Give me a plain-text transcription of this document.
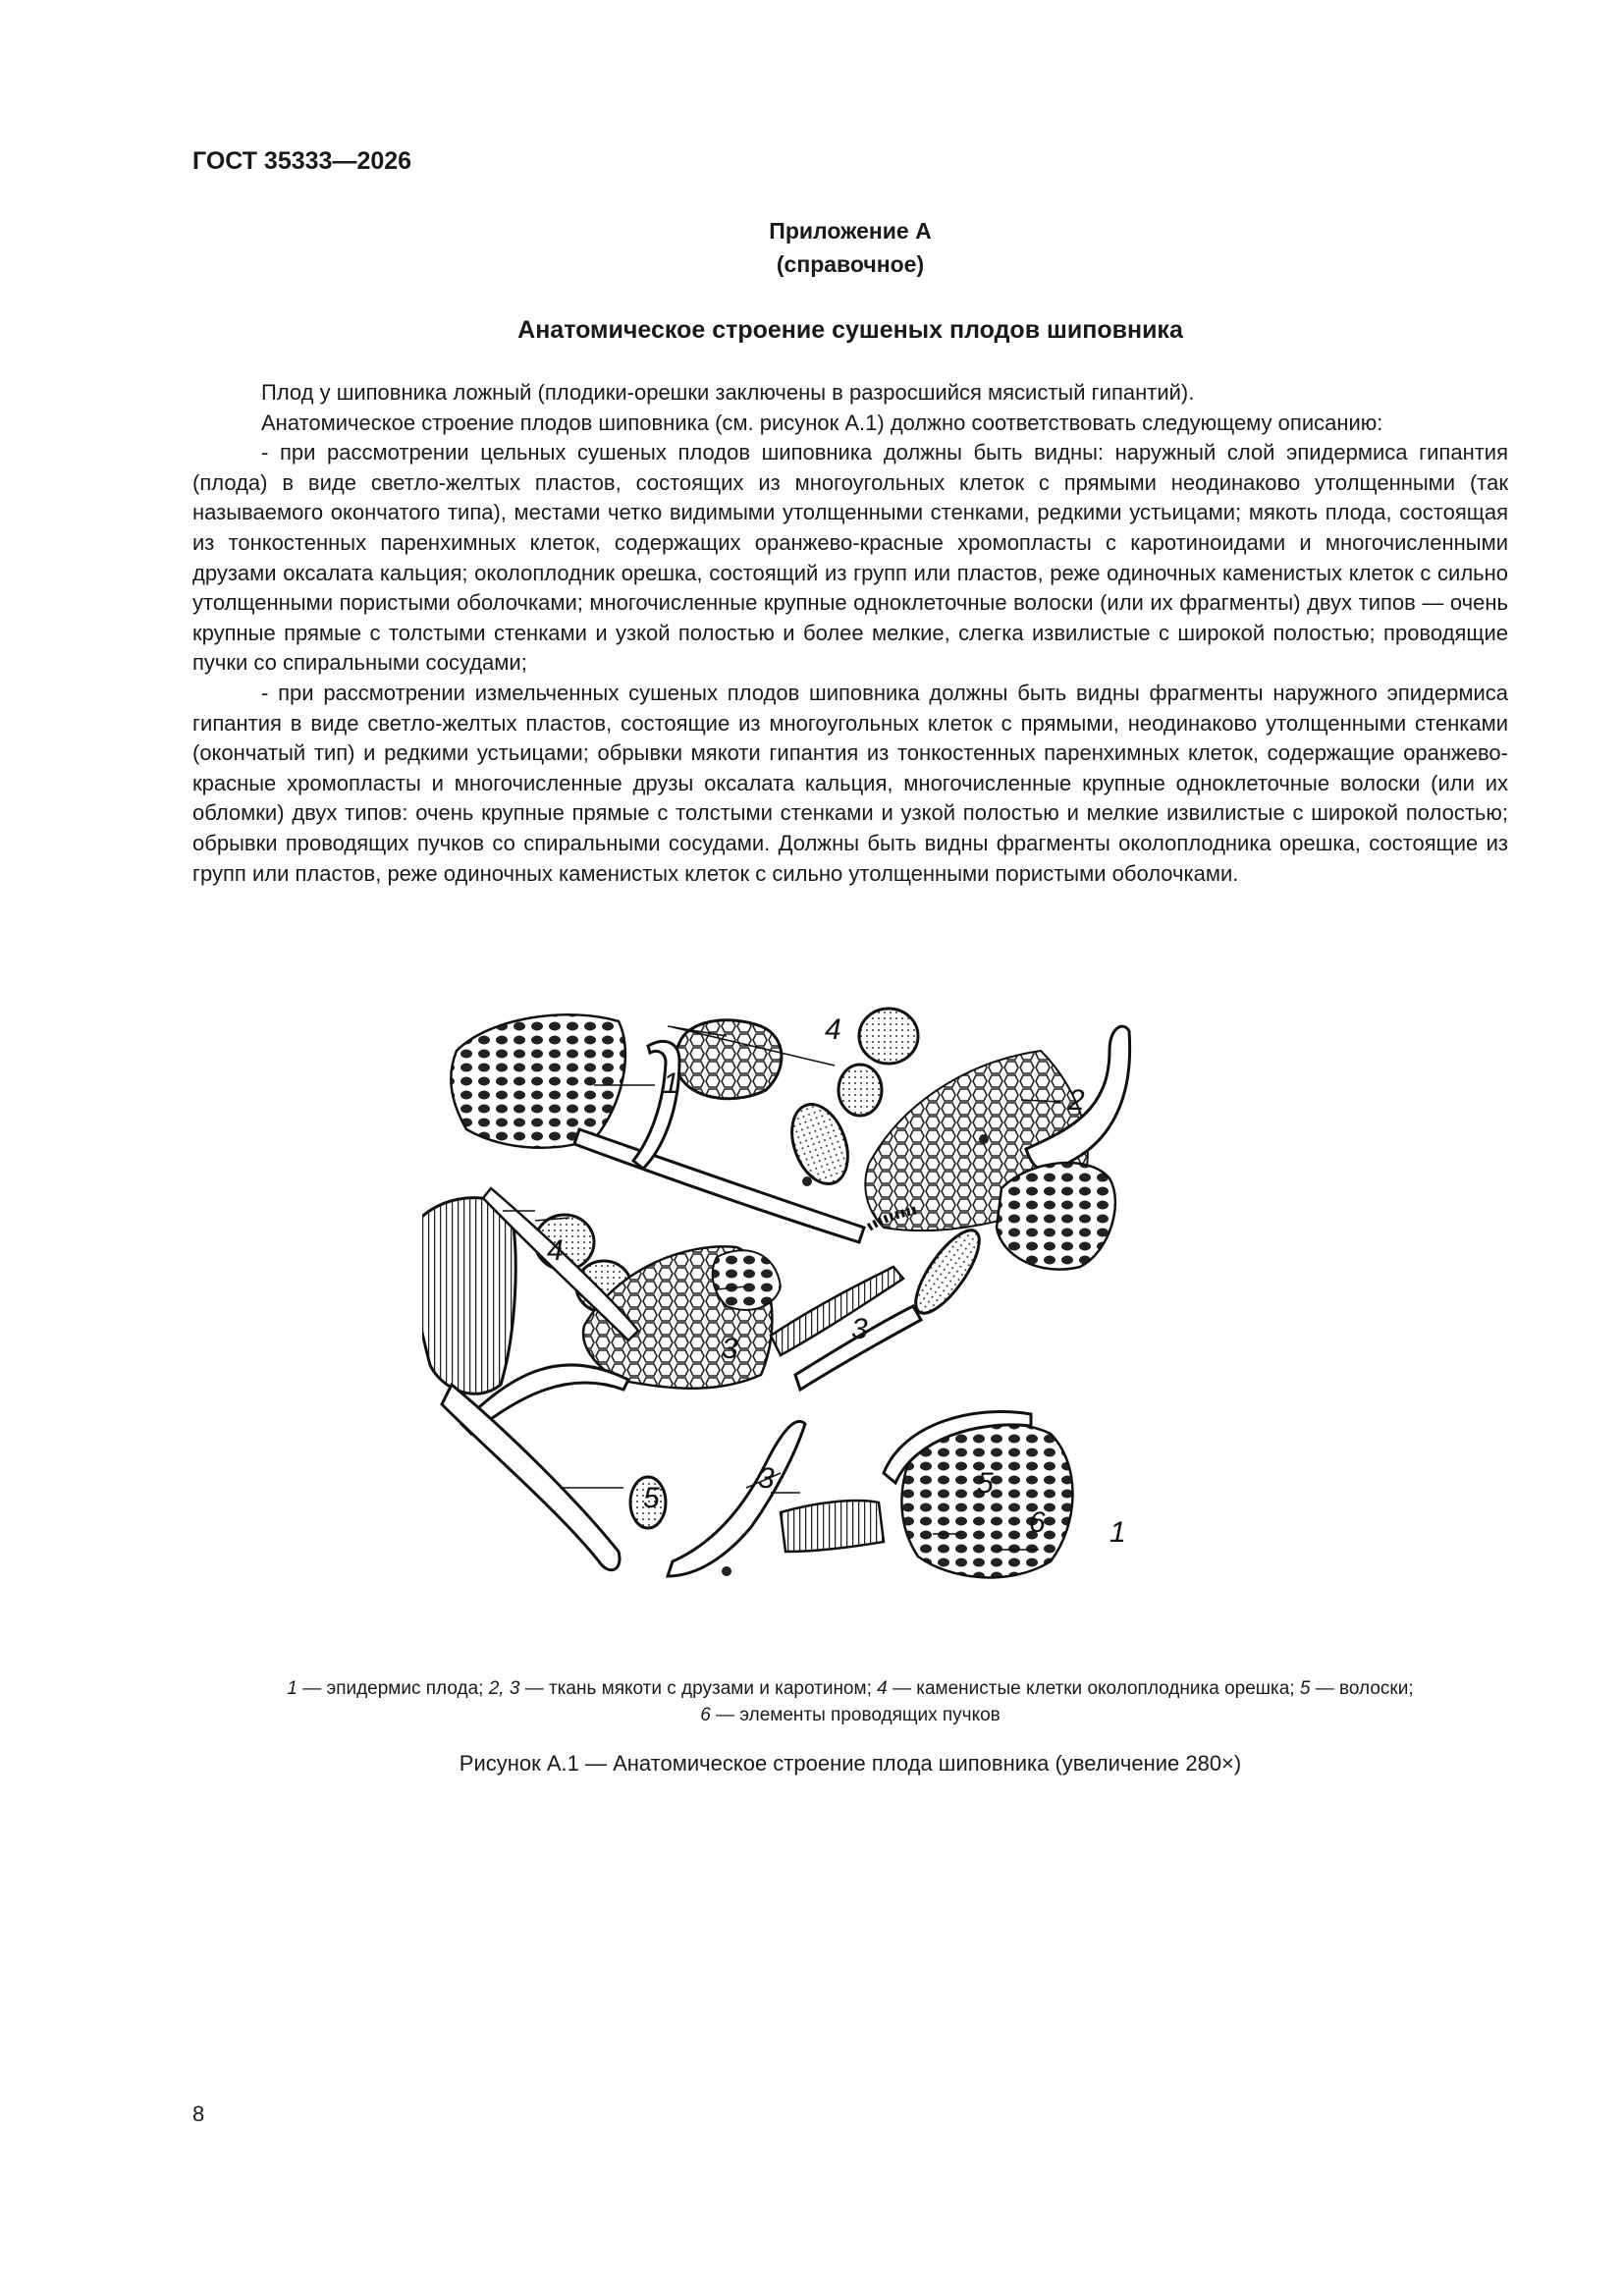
ГОСТ 35333—2026
Приложение А
(справочное)
Анатомическое строение сушеных плодов шиповника

Плод у шиповника ложный (плодики-орешки заключены в разросшийся мясистый гипантий).

Анатомическое строение плодов шиповника (см. рисунок А.1) должно соответствовать следующему описанию:

- при рассмотрении цельных сушеных плодов шиповника должны быть видны: наружный слой эпидермиса гипантия (плода) в виде светло-желтых пластов, состоящих из многоугольных клеток с прямыми неодинаково утолщенными (так называемого окончатого типа), местами четко видимыми утолщенными стенками, редкими устьицами; мякоть плода, состоящая из тонкостенных паренхимных клеток, содержащих оранжево-красные хромопласты с каротиноидами и многочисленными друзами оксалата кальция; околоплодник орешка, состоящий из групп или пластов, реже одиночных каменистых клеток с сильно утолщенными пористыми оболочками; многочисленные крупные одноклеточные волоски (или их фрагменты) двух типов — очень крупные прямые с толстыми стенками и узкой полостью и более мелкие, слегка извилистые с широкой полостью; проводящие пучки со спиральными сосудами;

- при рассмотрении измельченных сушеных плодов шиповника должны быть видны фрагменты наружного эпидермиса гипантия в виде светло-желтых пластов, состоящие из многоугольных клеток с прямыми, неодинаково утолщенными стенками (окончатый тип) и редкими устьицами; обрывки мякоти гипантия из тонкостенных паренхимных клеток, содержащие оранжево-красные хромопласты и многочисленные друзы оксалата кальция, многочисленные крупные одноклеточные волоски (или их обломки) двух типов: очень крупные прямые с толстыми стенками и узкой полостью и мелкие извилистые с широкой полостью; обрывки проводящих пучков со спиральными сосудами. Должны быть видны фрагменты околоплодника орешка, состоящие из групп или пластов, реже одиночных каменистых клеток с сильно утолщенными пористыми оболочками.

1
2
3
4
4
3
5	5
3
6 1
1 — эпидермис плода; 2, 3 — ткань мякоти с друзами и каротином; 4 — каменистые клетки околоплодника орешка; 5 — волоски;
6 — элементы проводящих пучков
Рисунок А.1 — Анатомическое строение плода шиповника (увеличение 280×)
8
